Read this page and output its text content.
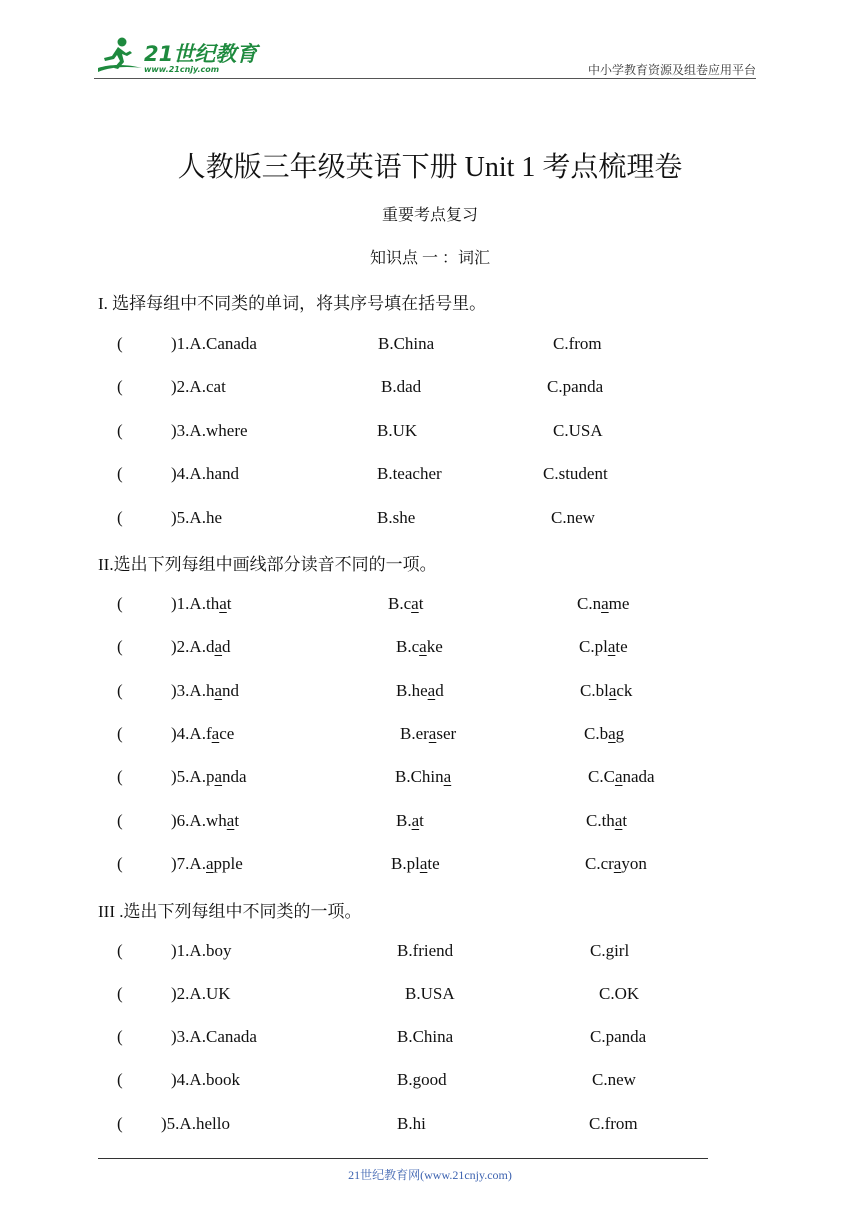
21世纪教育
www.21cnjy.com	中小学教育资源及组卷应用平台
人教版三年级英语下册 Unit 1 考点梳理卷
重要考点复习
知识点 一 ：词汇
I. 选择每组中不同类的单词，将其序号填在括号里。
(	)1.A. Canada	B.China	C.from
(	)2.A. cat	B.dad	C.panda
(	)3.A. where	B.UK	C.USA
(	)4.A. hand	B.teacher	C.student
(	)5.A. he	B.she	C.new
II.选出下列每组中画线部分读音不同的一项。
(	)1.A. that	B.cat	C.name
(	)2.A. dad	B.cake	C.plate
(	)3.A. hand	B.head	C.black
(	)4.A. face	B.eraser	C.bag
(	)5.A. panda	B.China	C.Canada
(	)6.A. what	B.at	C.that
(	)7.A. apple	B.plate	C.crayon
III .选出下列每组中不同类的一项。
(	)1.A. boy	B.friend	C.girl
(	)2.A. UK	B.USA	C.OK
(	)3.A. Canada	B.China	C.panda
(	)4.A. book	B.good	C.new
( )5.A. hello	B.hi	C.from
21世纪教育网(www.21cnjy.com)
